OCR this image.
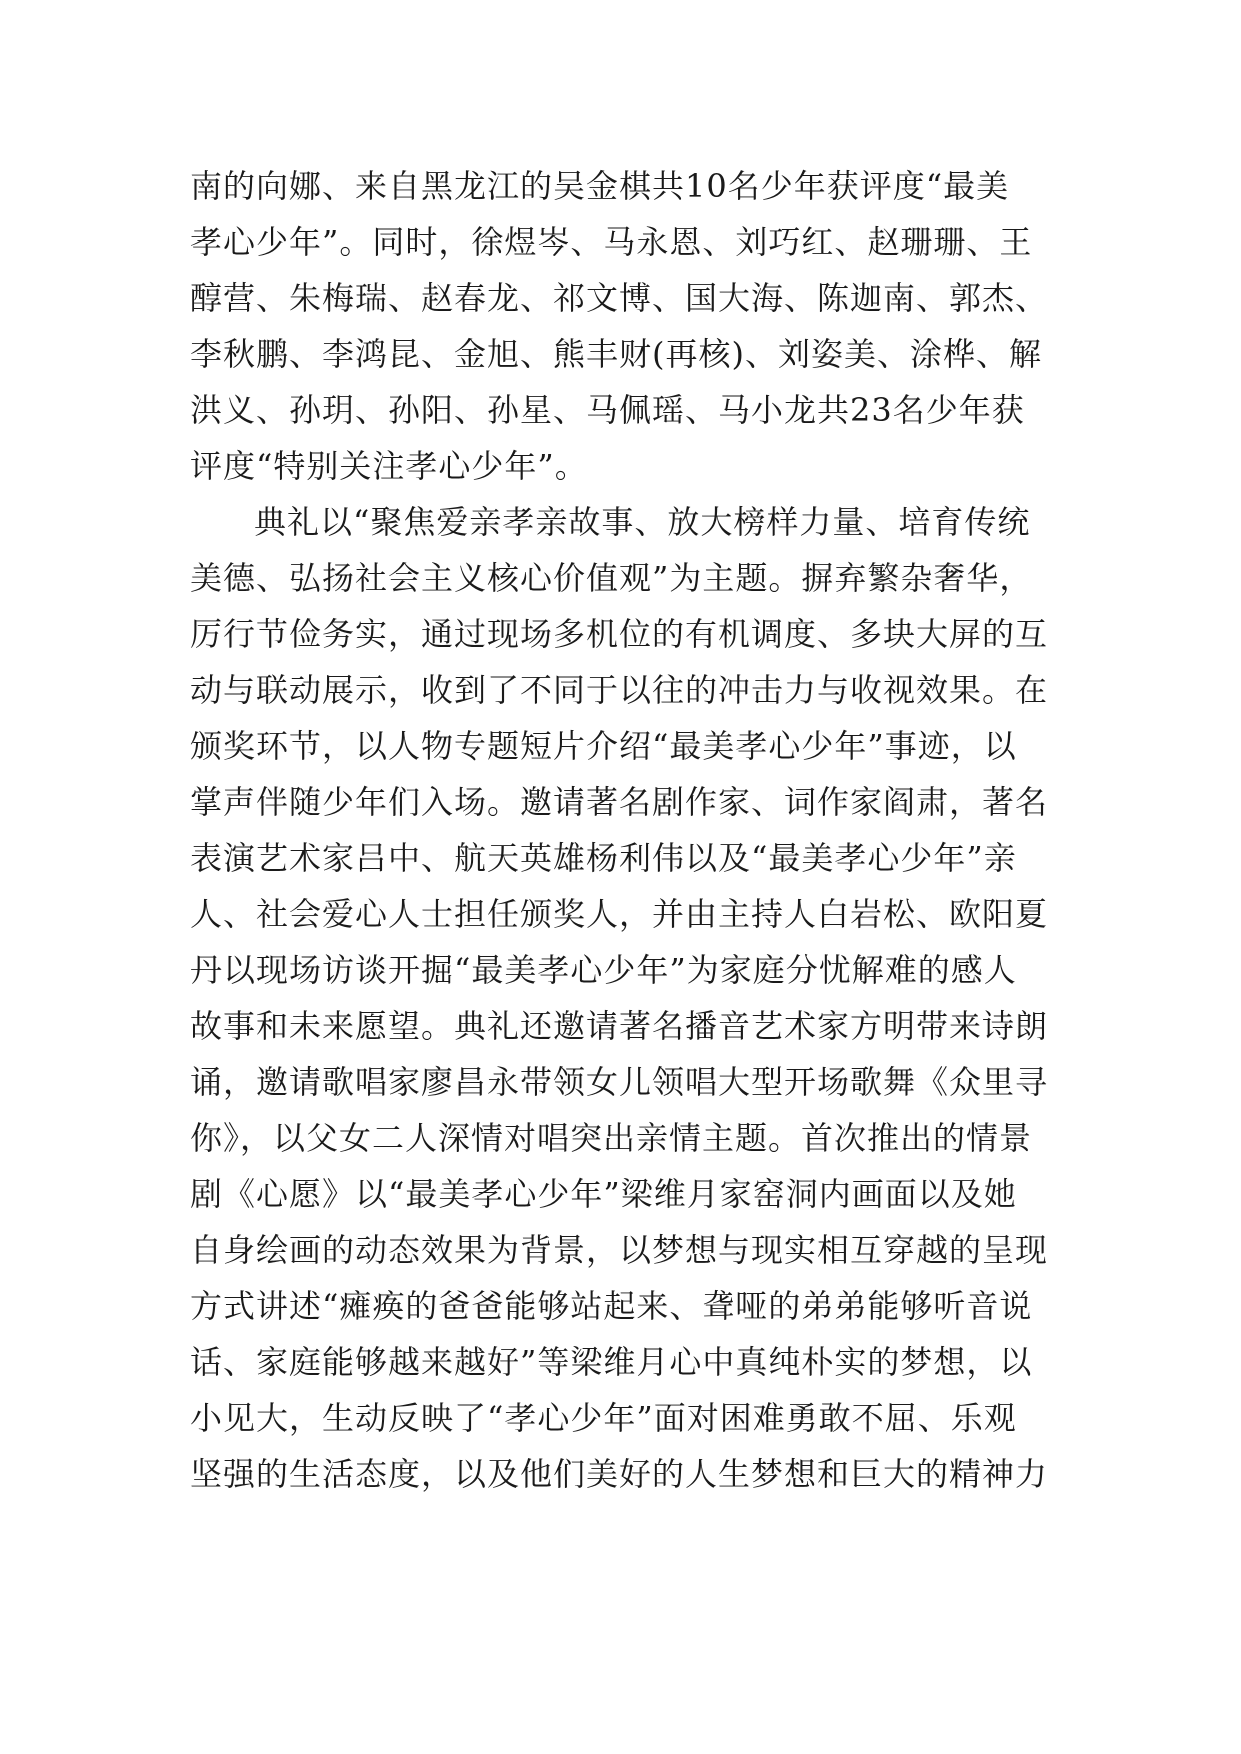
南的向娜、来自黑龙江的吴金棋共10名少年获评度“最美
孝心少年”。同时，徐煜岑、马永恩、刘巧红、赵珊珊、王
醇营、朱梅瑞、赵春龙、祁文博、国大海、陈迦南、郭杰、
李秋鹏、李鸿昆、金旭、熊丰财(再核)、刘姿美、涂桦、解
洪义、孙玥、孙阳、孙星、马佩瑶、马小龙共23名少年获
评度“特别关注孝心少年”。
典礼以“聚焦爱亲孝亲故事、放大榜样力量、培育传统
美德、弘扬社会主义核心价值观”为主题。摒弃繁杂奢华，
厉行节俭务实，通过现场多机位的有机调度、多块大屏的互
动与联动展示，收到了不同于以往的冲击力与收视效果。在
颁奖环节，以人物专题短片介绍“最美孝心少年”事迹，以
掌声伴随少年们入场。邀请著名剧作家、词作家阎肃，著名
表演艺术家吕中、航天英雄杨利伟以及“最美孝心少年”亲
人、社会爱心人士担任颁奖人，并由主持人白岩松、欧阳夏
丹以现场访谈开掘“最美孝心少年”为家庭分忧解难的感人
故事和未来愿望。典礼还邀请著名播音艺术家方明带来诗朗
诵，邀请歌唱家廖昌永带领女儿领唱大型开场歌舞《众里寻
你》，以父女二人深情对唱突出亲情主题。首次推出的情景
剧《心愿》以“最美孝心少年”梁维月家窑洞内画面以及她
自身绘画的动态效果为背景，以梦想与现实相互穿越的呈现
方式讲述“瘫痪的爸爸能够站起来、聋哑的弟弟能够听音说
话、家庭能够越来越好”等梁维月心中真纯朴实的梦想，以
小见大，生动反映了“孝心少年”面对困难勇敢不屈、乐观
坚强的生活态度，以及他们美好的人生梦想和巨大的精神力
